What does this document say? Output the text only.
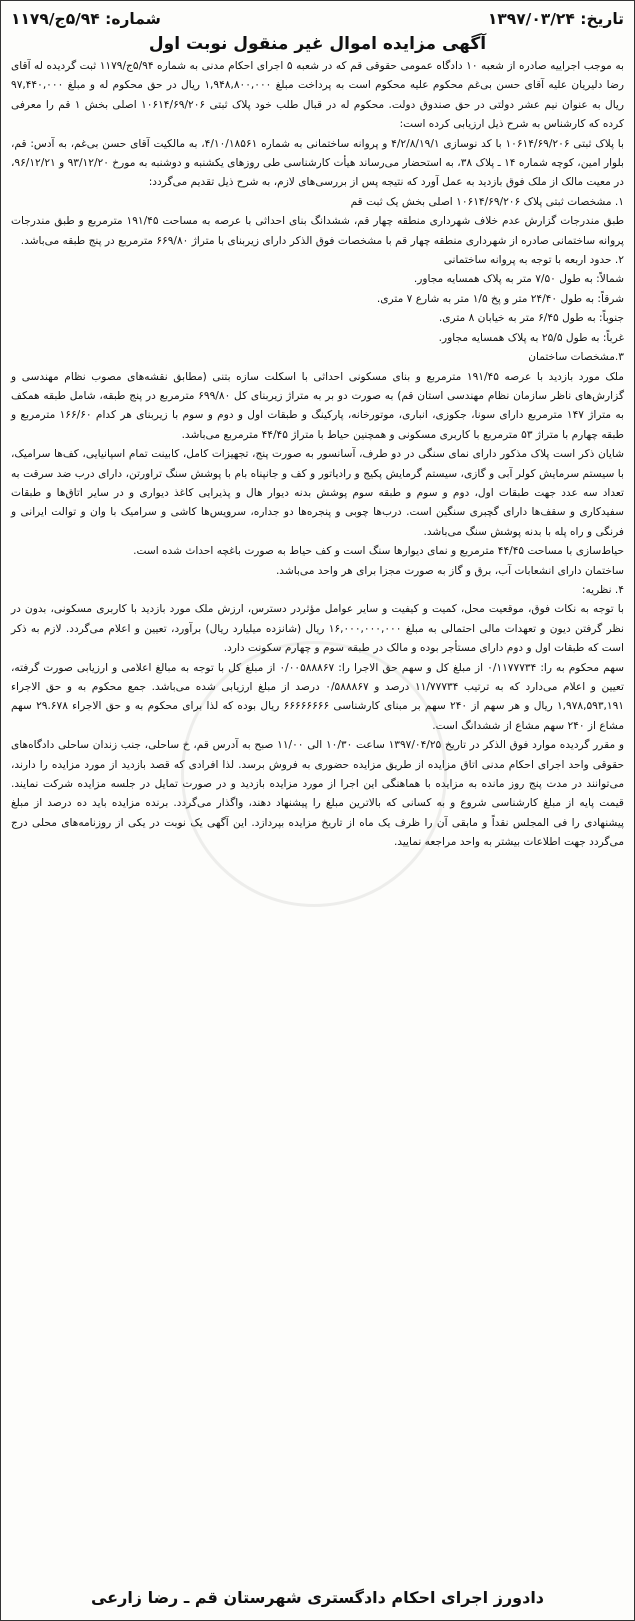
تاریخ: ۱۳۹۷/۰۳/۲۴
شماره: ۵/۹۴ج/۱۱۷۹
آگهی مزایده اموال غیر منقول نوبت اول

به موجب اجراییه صادره از شعبه ۱۰ دادگاه عمومی حقوقی قم که در شعبه ۵ اجرای احکام مدنی به شماره ۵/۹۴ج/۱۱۷۹ ثبت گردیده له آقای رضا دلیریان علیه آقای حسن بی‌غم محکوم علیه محکوم است به پرداخت مبلغ ۱,۹۴۸,۸۰۰,۰۰۰ ریال در حق محکوم له و مبلغ ۹۷,۴۴۰,۰۰۰ ریال به عنوان نیم عشر دولتی در حق صندوق دولت. محکوم له در قبال طلب خود پلاک ثبتی ۱۰۶۱۴/۶۹/۲۰۶ اصلی بخش ۱ قم را معرفی کرده که کارشناس به شرح ذیل ارزیابی کرده است:

با پلاک ثبتی ۱۰۶۱۴/۶۹/۲۰۶ با کد نوسازی ۴/۲/۸/۱۹/۱ و پروانه ساختمانی به شماره ۴/۱۰/۱۸۵۶۱، به مالکیت آقای حسن بی‌غم، به آدس: قم، بلوار امین، کوچه شماره ۱۴ ـ پلاک ۳۸، به استحضار می‌رساند هیأت کارشناسی طی روزهای یکشنبه و دوشنبه به مورخ ۹۳/۱۲/۲۰ و ۹۶/۱۲/۲۱، در معیت مالک از ملک فوق بازدید به عمل آورد که نتیجه پس از بررسی‌های لازم، به شرح ذیل تقدیم می‌گردد:

۱. مشخصات ثبتی پلاک ۱۰۶۱۴/۶۹/۲۰۶ اصلی بخش یک ثبت قم

طبق مندرجات گزارش عدم خلاف شهرداری منطقه چهار قم، ششدانگ بنای احداثی با عرصه به مساحت ۱۹۱/۴۵ مترمربع و طبق مندرجات پروانه ساختمانی صادره از شهرداری منطقه چهار قم با مشخصات فوق الذکر دارای زیربنای با متراژ ۶۶۹/۸۰ مترمربع در پنج طبقه می‌باشد.

۲. حدود اربعه با توجه به پروانه ساختمانی

شمالاً: به طول ۷/۵۰ متر به پلاک همسایه مجاور.

شرقاً: به طول ۲۴/۴۰ متر و پخ ۱/۵ متر به شارع ۷ متری.

جنوباً: به طول ۶/۴۵ متر به خیابان ۸ متری.

غرباً: به طول ۲۵/۵ به پلاک همسایه مجاور.

۳.مشخصات ساختمان

ملک مورد بازدید با عرصه ۱۹۱/۴۵ مترمربع و بنای مسکونی احداثی با اسکلت سازه بتنی (مطابق نقشه‌های مصوب نظام مهندسی و گزارش‌های ناظر سازمان نظام مهندسی استان قم) به صورت دو بر به متراژ زیربنای کل ۶۹۹/۸۰ مترمربع در پنج طبقه، شامل طبقه همکف به متراژ ۱۴۷ مترمربع دارای سونا، جکوزی، انباری، موتورخانه، پارکینگ و طبقات اول و دوم و سوم با زیربنای هر کدام ۱۶۶/۶۰ مترمربع و طبقه چهارم با متراژ ۵۳ مترمربع با کاربری مسکونی و همچنین حیاط با متراژ ۴۴/۴۵ مترمربع می‌باشد.

شایان ذکر است پلاک مذکور دارای نمای سنگی در دو طرف، آسانسور به صورت پنج، تجهیزات کامل، کابینت تمام اسپانیایی، کف‌ها سرامیک، با سیستم سرمایش کولر آبی و گازی، سیستم گرمایش پکیج و رادیاتور و کف و جانپناه بام با پوشش سنگ تراورتن، دارای درب ضد سرقت به تعداد سه عدد جهت طبقات اول، دوم و سوم و طبقه سوم پوشش بدنه دیوار هال و پذیرایی کاغذ دیواری و در سایر اتاق‌ها و طبقات سفیدکاری و سقف‌ها دارای گچبری سنگین است. درب‌ها چوبی و پنجره‌ها دو جداره، سرویس‌ها کاشی و سرامیک با وان و توالت ایرانی و فرنگی و راه پله با بدنه پوشش سنگ می‌باشد.

حیاط‌سازی با مساحت ۴۴/۴۵ مترمربع و نمای دیوارها سنگ است و کف حیاط به صورت باغچه احداث شده است.

ساختمان دارای انشعابات آب، برق و گاز به صورت مجزا برای هر واحد می‌باشد.

۴. نظریه:

با توجه به نکات فوق، موقعیت محل، کمیت و کیفیت و سایر عوامل مؤثردر دسترس، ارزش ملک مورد بازدید با کاربری مسکونی، بدون در نظر گرفتن دیون و تعهدات مالی احتمالی به مبلغ ۱۶,۰۰۰,۰۰۰,۰۰۰ ریال (شانزده میلیارد ریال) برآورد، تعیین و اعلام می‌گردد. لازم به ذکر است که طبقات اول و دوم دارای مستأجر بوده و مالک در طبقه سوم و چهارم سکونت دارد.

سهم محکوم به را: ۰/۱۱۷۷۷۳۴ از مبلغ کل و سهم حق الاجرا را: ۰/۰۰۵۸۸۸۶۷ از مبلغ کل با توجه به مبالغ اعلامی و ارزیابی صورت گرفته، تعیین و اعلام می‌دارد که به ترتیب ۱۱/۷۷۷۳۴ درصد و ۰/۵۸۸۸۶۷ درصد از مبلغ ارزیابی شده می‌باشد. جمع محکوم به و حق الاجراء ۱,۹۷۸,۵۹۳,۱۹۱ ریال و هر سهم از ۲۴۰ سهم بر مبنای کارشناسی ۶۶۶۶۶۶۶۶ ریال بوده که لذا برای محکوم به و حق الاجراء ۲۹.۶۷۸ سهم مشاع از ۲۴۰ سهم مشاع از ششدانگ است.

و مقرر گردیده موارد فوق الذکر در تاریخ ۱۳۹۷/۰۴/۲۵ ساعت ۱۰/۳۰ الی ۱۱/۰۰ صبح به آدرس قم، خ ساحلی، جنب زندان ساحلی دادگاه‌های حقوقی واحد اجرای احکام مدنی اتاق مزایده از طریق مزایده حضوری به فروش برسد. لذا افرادی که قصد بازدید از مورد مزایده را دارند، می‌توانند در مدت پنج روز مانده به مزایده با هماهنگی این اجرا از مورد مزایده بازدید و در صورت تمایل در جلسه مزایده شرکت نمایند. قیمت پایه از مبلغ کارشناسی شروع و به کسانی که بالاترین مبلغ را پیشنهاد دهند، واگذار می‌گردد. برنده مزایده باید ده درصد از مبلغ پیشنهادی را فی المجلس نقداً و مابقی آن را ظرف یک ماه از تاریخ مزایده بپردازد. این آگهی یک نوبت در یکی از روزنامه‌های محلی درج می‌گردد جهت اطلاعات بیشتر به واحد مراجعه نمایید.

دادورز اجرای احکام دادگستری شهرستان قم ـ رضا زارعی
